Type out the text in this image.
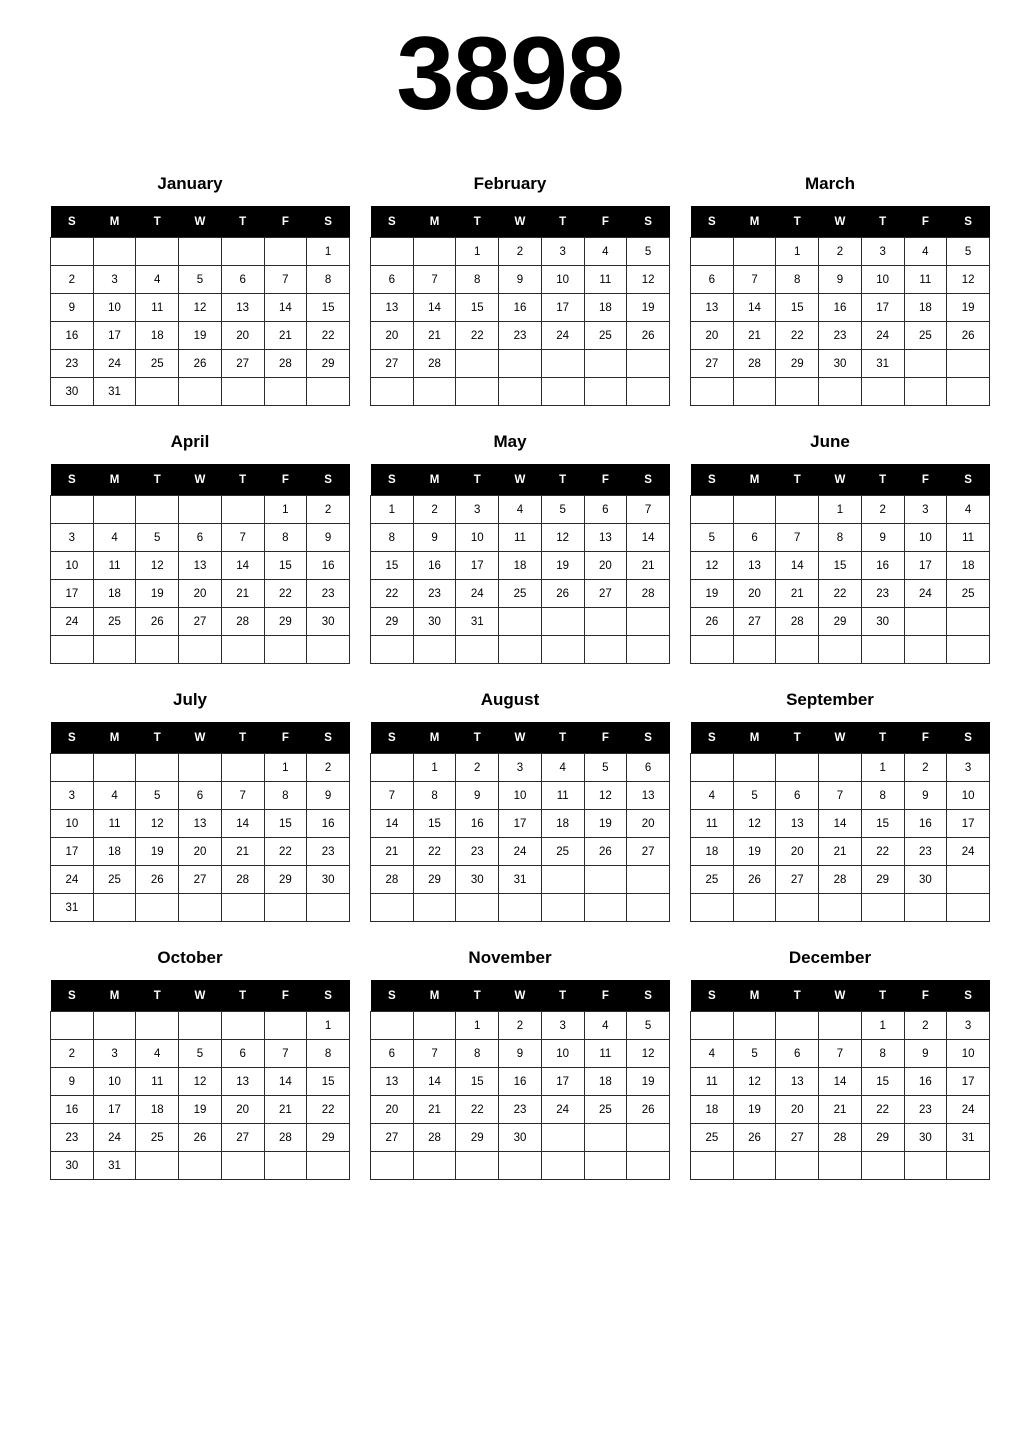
3898
January
S	M	T	W	T	F	S
						1
2	3	4	5	6	7	8
9	10	11	12	13	14	15
16	17	18	19	20	21	22
23	24	25	26	27	28	29
30	31					
February
S	M	T	W	T	F	S
		1	2	3	4	5
6	7	8	9	10	11	12
13	14	15	16	17	18	19
20	21	22	23	24	25	26
27	28					

March
S	M	T	W	T	F	S
		1	2	3	4	5
6	7	8	9	10	11	12
13	14	15	16	17	18	19
20	21	22	23	24	25	26
27	28	29	30	31		

April
S	M	T	W	T	F	S
					1	2
3	4	5	6	7	8	9
10	11	12	13	14	15	16
17	18	19	20	21	22	23
24	25	26	27	28	29	30

May
S	M	T	W	T	F	S
1	2	3	4	5	6	7
8	9	10	11	12	13	14
15	16	17	18	19	20	21
22	23	24	25	26	27	28
29	30	31				

June
S	M	T	W	T	F	S
			1	2	3	4
5	6	7	8	9	10	11
12	13	14	15	16	17	18
19	20	21	22	23	24	25
26	27	28	29	30		

July
S	M	T	W	T	F	S
					1	2
3	4	5	6	7	8	9
10	11	12	13	14	15	16
17	18	19	20	21	22	23
24	25	26	27	28	29	30
31						
August
S	M	T	W	T	F	S
	1	2	3	4	5	6
7	8	9	10	11	12	13
14	15	16	17	18	19	20
21	22	23	24	25	26	27
28	29	30	31			

September
S	M	T	W	T	F	S
				1	2	3
4	5	6	7	8	9	10
11	12	13	14	15	16	17
18	19	20	21	22	23	24
25	26	27	28	29	30	

October
S	M	T	W	T	F	S
						1
2	3	4	5	6	7	8
9	10	11	12	13	14	15
16	17	18	19	20	21	22
23	24	25	26	27	28	29
30	31					
November
S	M	T	W	T	F	S
		1	2	3	4	5
6	7	8	9	10	11	12
13	14	15	16	17	18	19
20	21	22	23	24	25	26
27	28	29	30			

December
S	M	T	W	T	F	S
				1	2	3
4	5	6	7	8	9	10
11	12	13	14	15	16	17
18	19	20	21	22	23	24
25	26	27	28	29	30	31
